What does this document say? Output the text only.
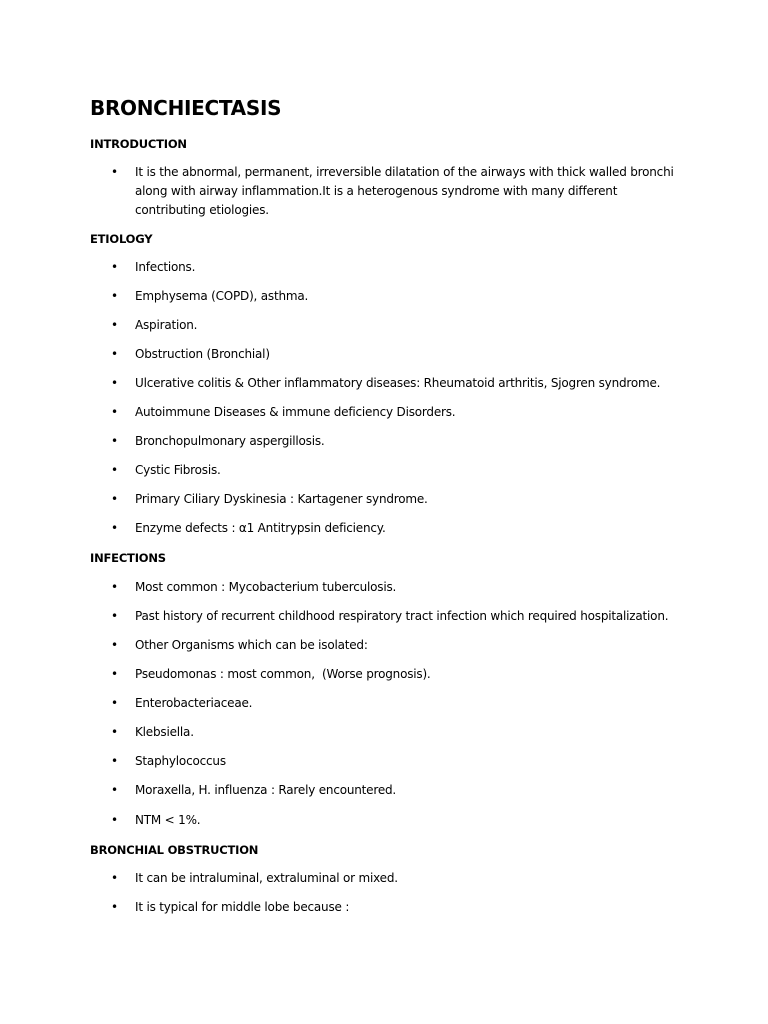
BRONCHIECTASIS
INTRODUCTION
• It is the abnormal, permanent, irreversible dilatation of the airways with thick walled bronchi along with airway inflammation.It is a heterogenous syndrome with many different contributing etiologies.
ETIOLOGY
• Infections.
• Emphysema (COPD), asthma.
• Aspiration.
• Obstruction (Bronchial)
• Ulcerative colitis & Other inflammatory diseases: Rheumatoid arthritis, Sjogren syndrome.
• Autoimmune Diseases & immune deficiency Disorders.
• Bronchopulmonary aspergillosis.
• Cystic Fibrosis.
• Primary Ciliary Dyskinesia : Kartagener syndrome.
• Enzyme defects : α1 Antitrypsin deficiency.
INFECTIONS
• Most common : Mycobacterium tuberculosis.
• Past history of recurrent childhood respiratory tract infection which required hospitalization.
• Other Organisms which can be isolated:
• Pseudomonas : most common,  (Worse prognosis).
• Enterobacteriaceae.
• Klebsiella.
• Staphylococcus
• Moraxella, H. influenza : Rarely encountered.
• NTM < 1%.
BRONCHIAL OBSTRUCTION
• It can be intraluminal, extraluminal or mixed.
• It is typical for middle lobe because :
